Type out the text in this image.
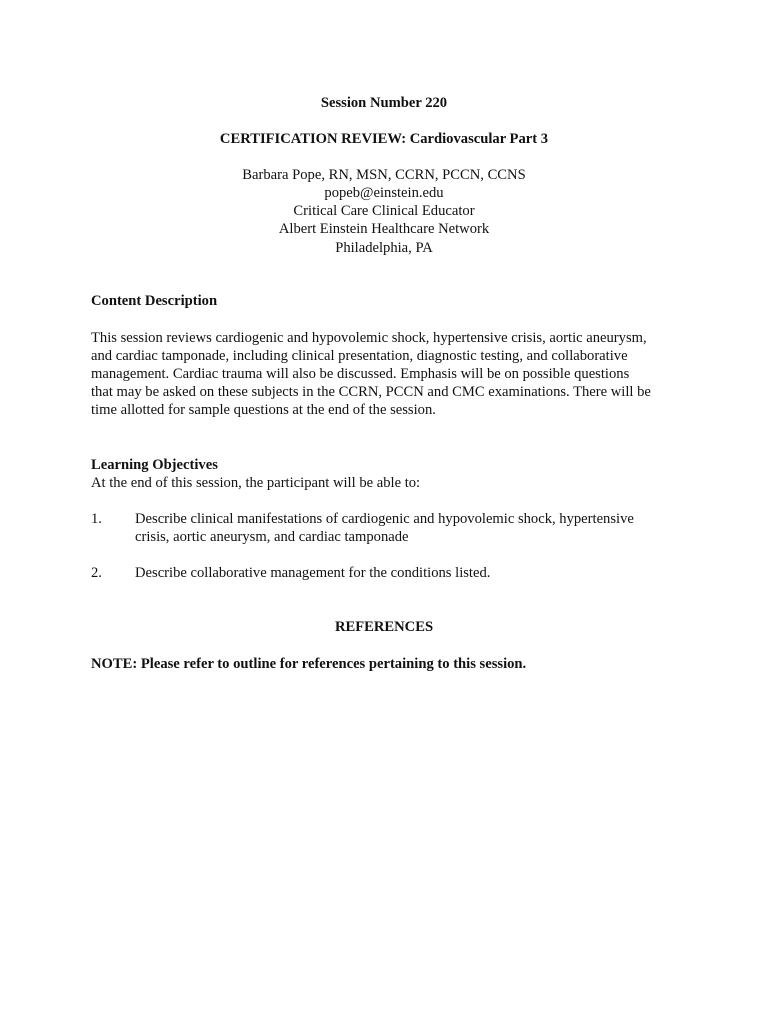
Session Number 220
CERTIFICATION REVIEW: Cardiovascular Part 3
Barbara Pope, RN, MSN, CCRN, PCCN, CCNS
popeb@einstein.edu
Critical Care Clinical Educator
Albert Einstein Healthcare Network
Philadelphia, PA
Content Description
This session reviews cardiogenic and hypovolemic shock, hypertensive crisis, aortic aneurysm,
and cardiac tamponade, including clinical presentation, diagnostic testing, and collaborative
management. Cardiac trauma will also be discussed. Emphasis will be on possible questions
that may be asked on these subjects in the CCRN, PCCN and CMC examinations. There will be
time allotted for sample questions at the end of the session.
Learning Objectives
At the end of this session, the participant will be able to:
1. Describe clinical manifestations of cardiogenic and hypovolemic shock, hypertensive
crisis, aortic aneurysm, and cardiac tamponade
2. Describe collaborative management for the conditions listed.
REFERENCES
NOTE: Please refer to outline for references pertaining to this session.
